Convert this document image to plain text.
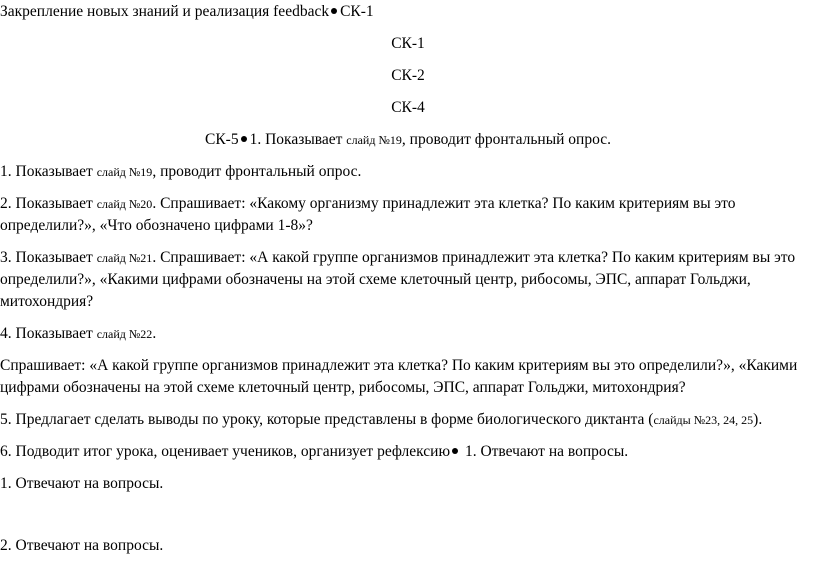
Закрепление новых знаний и реализация feedback СК-1
СК-1
СК-2
СК-4
СК-5 1. Показывает слайд №19, проводит фронтальный опрос.
1. Показывает слайд №19, проводит фронтальный опрос.
2. Показывает слайд №20. Спрашивает: «Какому организму принадлежит эта клетка? По каким критериям вы это
определили?», «Что обозначено цифрами 1-8»?
3. Показывает слайд №21. Спрашивает: «А какой группе организмов принадлежит эта клетка? По каким критериям вы это
определили?», «Какими цифрами обозначены на этой схеме клеточный центр, рибосомы, ЭПС, аппарат Гольджи,
митохондрия?
4. Показывает слайд №22.
Спрашивает: «А какой группе организмов принадлежит эта клетка? По каким критериям вы это определили?», «Какими
цифрами обозначены на этой схеме клеточный центр, рибосомы, ЭПС, аппарат Гольджи, митохондрия?
5. Предлагает сделать выводы по уроку, которые представлены в форме биологического диктанта (слайды №23, 24, 25).
6. Подводит итог урока, оценивает учеников, организует рефлексию 1. Отвечают на вопросы.
1. Отвечают на вопросы.
2. Отвечают на вопросы.
